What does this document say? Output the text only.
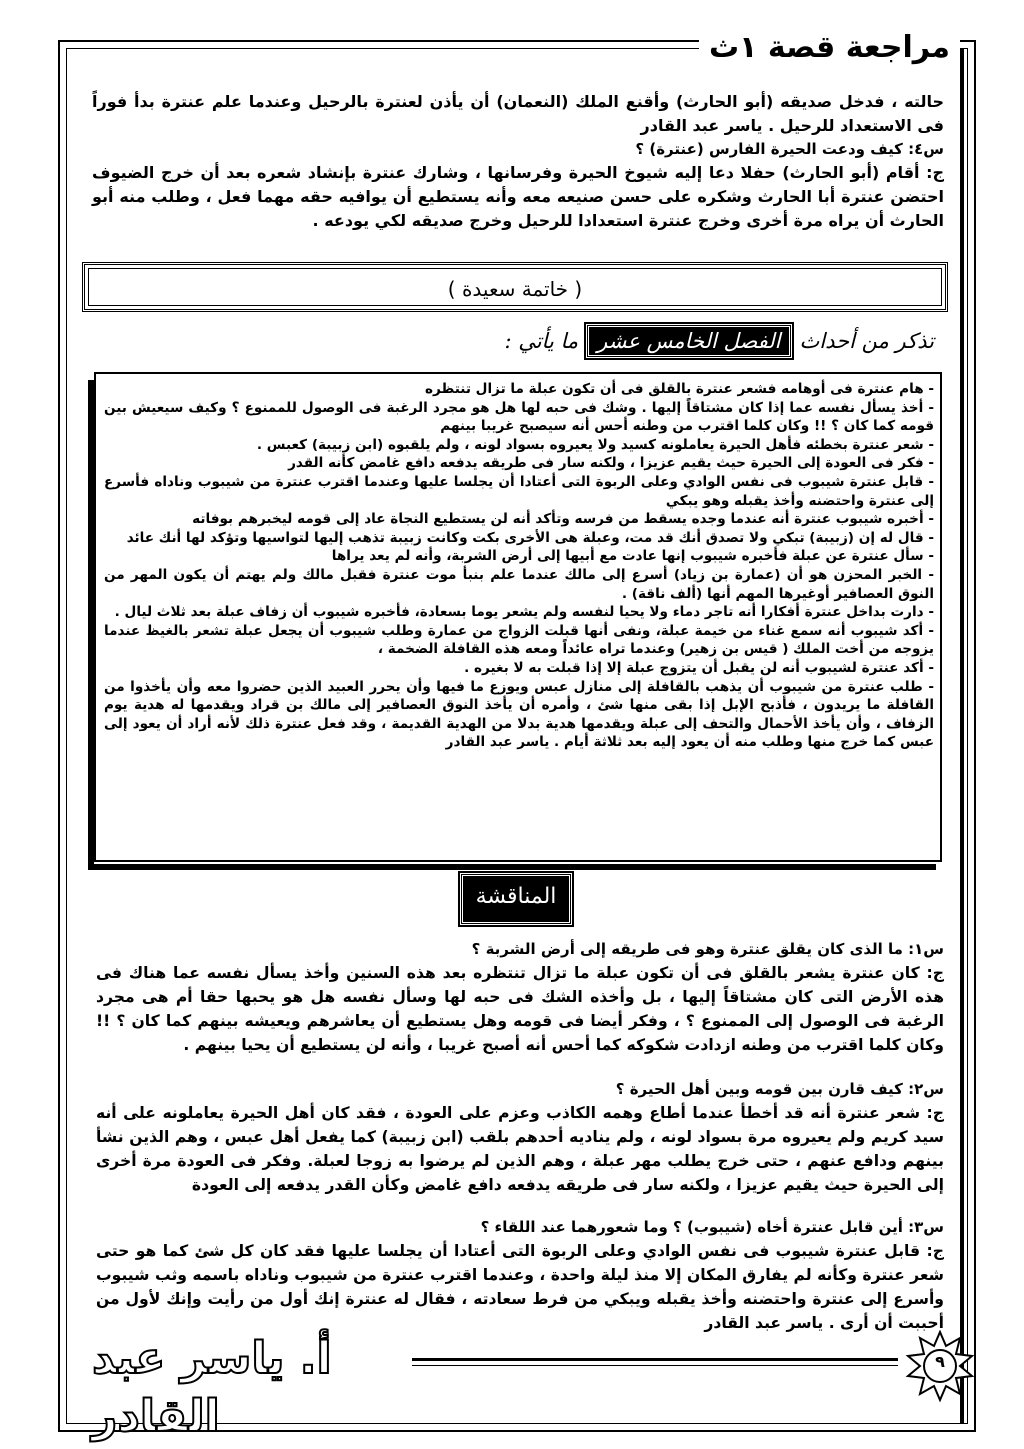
مراجعة قصة ١ث

حالته ، فدخل صديقه (أبو الحارث) وأقنع الملك (النعمان) أن يأذن لعنترة بالرحيل وعندما علم عنترة بدأ فوراً فى الاستعداد للرحيل . ياسر عبد القادر

س٤: كيف ودعت الحيرة الفارس (عنترة) ؟

ج: أقام (أبو الحارث) حفلا دعا إليه شيوخ الحيرة وفرسانها ، وشارك عنترة بإنشاد شعره بعد أن خرج الضيوف احتضن عنترة أبا الحارث وشكره على حسن صنيعه معه وأنه يستطيع أن يوافيه حقه مهما فعل ، وطلب منه أبو الحارث أن يراه مرة أخرى وخرج عنترة استعدادا للرحيل وخرج صديقه لكي يودعه .

( خاتمة سعيدة )
تذكر من أحداث
الفصل الخامس عشر
ما يأتي :

- هام عنترة فى أوهامه فشعر عنترة بالقلق فى أن تكون عبلة ما تزال تنتظره

- أخذ يسأل نفسه عما إذا كان مشتاقاً إليها . وشك فى حبه لها هل هو مجرد الرغبة فى الوصول للممنوع ؟ وكيف سيعيش بين قومه كما كان ؟ !! وكان كلما اقترب من وطنه أحس أنه سيصبح غريبا بينهم

- شعر عنترة بخطئه فأهل الحيرة يعاملونه كسيد ولا يعيروه بسواد لونه ، ولم يلقبوه (ابن زبيبة) كعبس .

- فكر فى العودة إلى الحيرة حيث يقيم عزيزا ، ولكنه سار فى طريقه يدفعه دافع غامض كأنه القدر

- قابل عنترة شيبوب فى نفس الوادي وعلى الربوة التى أعتادا أن يجلسا عليها وعندما اقترب عنترة من شيبوب وناداه فأسرع إلى عنترة واحتضنه وأخذ يقبله وهو يبكي

- أخبره شيبوب عنترة أنه عندما وجده يسقط من فرسه وتأكد أنه لن يستطيع النجاة عاد إلى قومه ليخبرهم بوفاته

- قال له إن (زبيبة) تبكي ولا تصدق أنك قد مت، وعبلة هى الأخرى بكت وكانت زبيبة تذهب إليها لتواسيها وتؤكد لها أنك عائد

- سأل عنترة عن عبلة فأخبره شيبوب إنها عادت مع أبيها إلى أرض الشربة، وأنه لم يعد يراها

- الخبر المحزن هو أن (عمارة بن زياد) أسرع إلى مالك عندما علم بنبأ موت عنترة فقبل مالك ولم يهتم أن يكون المهر من النوق العصافير أوغيرها المهم أنها (ألف ناقة) .

- دارت بداخل عنترة أفكارا أنه تاجر دماء ولا يحيا لنفسه ولم يشعر يوما بسعادة، فأخبره شيبوب أن زفاف عبلة بعد ثلاث ليال .

- أكد شيبوب أنه سمع غناء من خيمة عبلة، ونفى أنها قبلت الزواج من عمارة وطلب شيبوب أن يجعل عبلة تشعر بالغيظ عندما يزوجه من أخت الملك ( قيس بن زهير) وعندما تراه عائداً ومعه هذه القافلة الضخمة ،

- أكد عنترة لشيبوب أنه لن يقبل أن يتزوج عبلة إلا إذا قبلت به لا بغيره .

- طلب عنترة من شيبوب أن يذهب بالقافلة إلى منازل عبس ويوزع ما فيها وأن يحرر العبيد الذين حضروا معه وأن يأخذوا من القافلة ما يريدون ، فأذبح الإبل إذا بقى منها شئ ، وأمره أن يأخذ النوق العصافير إلى مالك بن قراد ويقدمها له هدية يوم الزفاف ، وأن يأخذ الأحمال والتحف إلى عبلة ويقدمها هدية بدلا من الهدية القديمة ، وقد فعل عنترة ذلك لأنه أراد أن يعود إلى عبس كما خرج منها وطلب منه أن يعود إليه بعد ثلاثة أيام . ياسر عبد القادر

المناقشة

س١: ما الذى كان يقلق عنترة وهو فى طريقه إلى أرض الشربة ؟

ج: كان عنترة يشعر بالقلق فى أن تكون عبلة ما تزال تنتظره بعد هذه السنين وأخذ يسأل نفسه عما هناك فى هذه الأرض التى كان مشتاقاً إليها ، بل وأخذه الشك فى حبه لها وسأل نفسه هل هو يحبها حقا أم هى مجرد الرغبة فى الوصول إلى الممنوع ؟ ، وفكر أيضا فى قومه وهل يستطيع أن يعاشرهم ويعيشه بينهم كما كان ؟ !! وكان كلما اقترب من وطنه ازدادت شكوكه كما أحس أنه أصبح غريبا ، وأنه لن يستطيع أن يحيا بينهم .

س٢: كيف قارن بين قومه وبين أهل الحيرة ؟

ج: شعر عنترة أنه قد أخطأ عندما أطاع وهمه الكاذب وعزم على العودة ، فقد كان أهل الحيرة يعاملونه على أنه سيد كريم ولم يعيروه مرة بسواد لونه ، ولم يناديه أحدهم بلقب (ابن زبيبة) كما يفعل أهل عبس ، وهم الذين نشأ بينهم ودافع عنهم ، حتى خرج يطلب مهر عبلة ، وهم الذين لم يرضوا به زوجا لعبلة. وفكر فى العودة مرة أخرى إلى الحيرة حيث يقيم عزيزا ، ولكنه سار فى طريقه يدفعه دافع غامض وكأن القدر يدفعه إلى العودة

س٣: أين قابل عنترة أخاه (شيبوب) ؟ وما شعورهما عند اللقاء ؟

ج: قابل عنترة شيبوب فى نفس الوادي وعلى الربوة التى أعتادا أن يجلسا عليها فقد كان كل شئ كما هو حتى شعر عنترة وكأنه لم يفارق المكان إلا منذ ليلة واحدة ، وعندما اقترب عنترة من شيبوب وناداه باسمه وثب شيبوب وأسرع إلى عنترة واحتضنه وأخذ يقبله ويبكي من فرط سعادته ، فقال له عنترة إنك أول من رأيت وإنك لأول من أحببت أن أرى . ياسر عبد القادر

أ. ياسر عبد القادر
٩
